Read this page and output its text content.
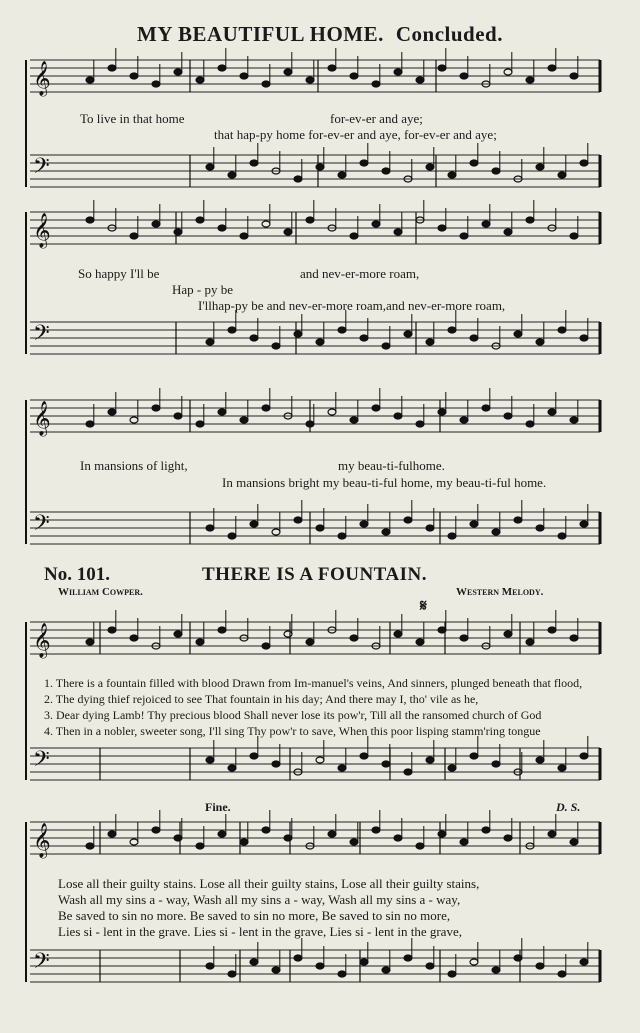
𝄞
𝄢
𝄞
𝄢
𝄞
𝄢
𝄞
𝄢
𝄞
𝄢
MY BEAUTIFUL HOME. Concluded.
To live in that home	for-ev-er and aye;
that hap-py home for-ev-er and aye, for-ev-er and aye;
So happy I'll be	and nev-er-more roam,
Hap - py be
I'llhap-py be and nev-er-more roam,and nev-er-more roam,
In mansions of light,	my beau-ti-fulhome.
In mansions bright my beau-ti-ful home, my beau-ti-ful home.
No. 101.	THERE IS A FOUNTAIN.
William Cowper.	Western Melody.
𝄋
1. There is a fountain filled with blood Drawn from Im-manuel's veins, And sinners, plunged beneath that flood,
2. The dying thief rejoiced to see That fountain in his day; And there may I, tho' vile as he,
3. Dear dying Lamb! Thy precious blood Shall never lose its pow'r, Till all the ransomed church of God
4. Then in a nobler, sweeter song, I'll sing Thy pow'r to save, When this poor lisping stamm'ring tongue
Fine.	D. S.
Lose all their guilty stains. Lose all their guilty stains, Lose all their guilty stains,
Wash all my sins a - way, Wash all my sins a - way, Wash all my sins a - way,
Be saved to sin no more. Be saved to sin no more, Be saved to sin no more,
Lies si - lent in the grave. Lies si - lent in the grave, Lies si - lent in the grave,
